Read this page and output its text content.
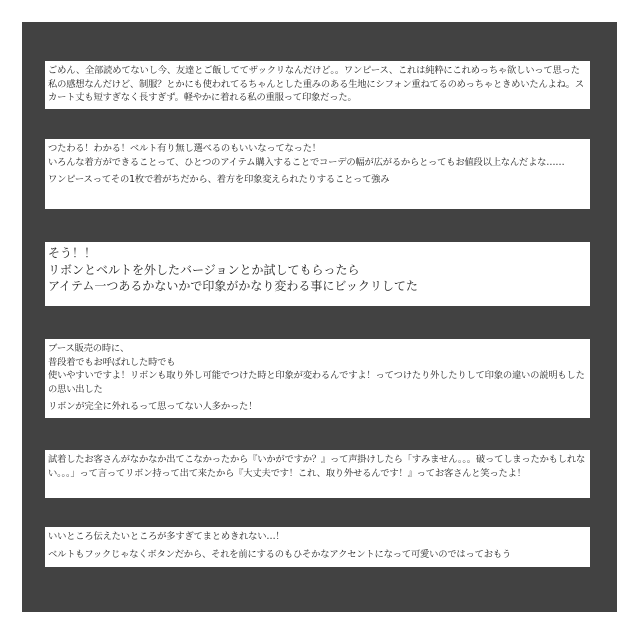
ごめん、全部読めてないし今、友達とご飯しててザックリなんだけど。。ワンピース、これは純粋にこれめっちゃ欲しいって思った私の感想なんだけど、制服？とかにも使われてるちゃんとした重みのある生地にシフォン重ねてるのめっちゃときめいたんよね。スカート丈も短すぎなく長すぎず。軽やかに着れる私の重服って印象だった。
つたわる！わかる！ベルト有り無し選べるのもいいなってなった！
いろんな着方ができることって、ひとつのアイテム購入することでコーデの幅が広がるからとってもお値段以上なんだよな……
ワンピースってその1枚で着がちだから、着方を印象変えられたりすることって強み
そう！！
リボンとベルトを外したバージョンとか試してもらったら
アイテム一つあるかないかで印象がかなり変わる事にビックリしてた
ブース販売の時に、
普段着でもお呼ばれした時でも
使いやすいですよ！リボンも取り外し可能でつけた時と印象が変わるんですよ！ってつけたり外したりして印象の違いの説明もしたの思い出した
リボンが完全に外れるって思ってない人多かった！
試着したお客さんがなかなか出てこなかったから『いかがですか？』って声掛けしたら「すみません。。。破ってしまったかもしれない。。。」って言ってリボン持って出て来たから『大丈夫です！これ、取り外せるんです！』ってお客さんと笑ったよ！
いいところ伝えたいところが多すぎてまとめきれない…！
ベルトもフックじゃなくボタンだから、それを前にするのもひそかなアクセントになって可愛いのではっておもう
